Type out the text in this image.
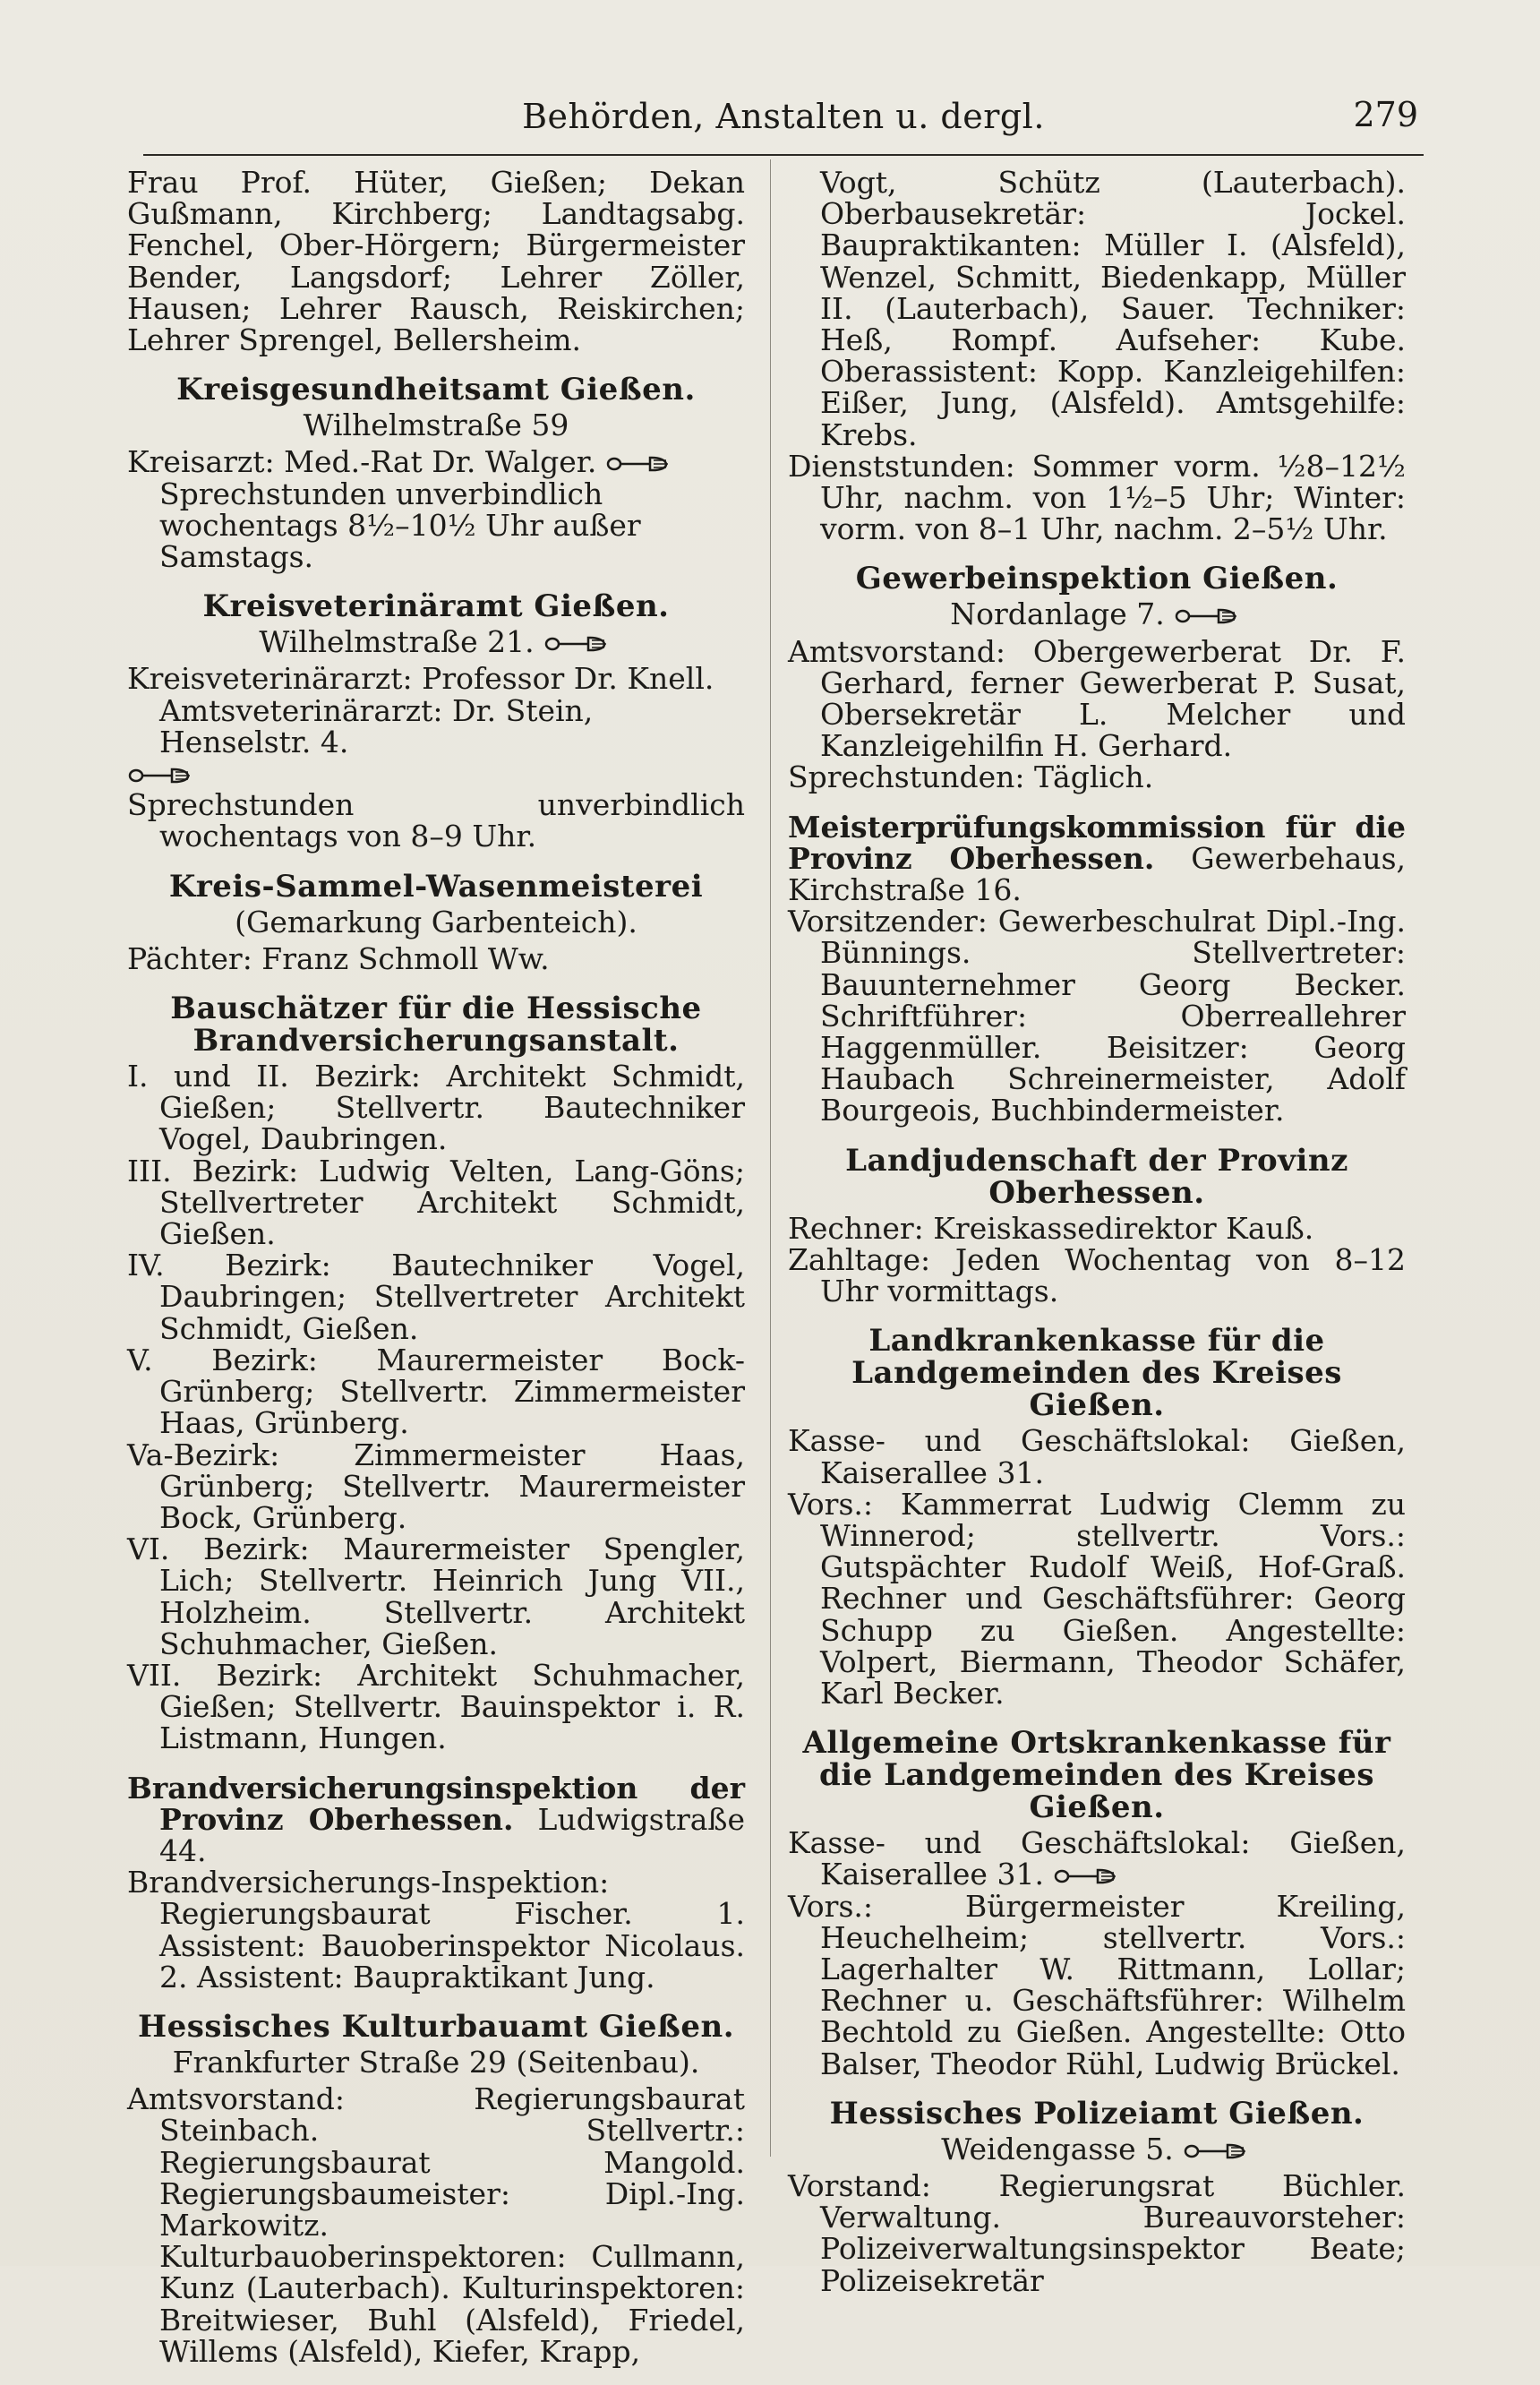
Behörden, Anstalten u. dergl.	279

Frau Prof. Hüter, Gießen; Dekan Gußmann, Kirchberg; Landtagsabg. Fenchel, Ober-Hörgern; Bürgermeister Bender, Langsdorf; Lehrer Zöller, Hausen; Lehrer Rausch, Reiskirchen; Lehrer Sprengel, Bellersheim.

Kreisgesundheitsamt Gießen.
Wilhelmstraße 59

Kreisarzt: Med.-Rat Dr. Walger.

Sprechstunden unverbindlich wochentags 8½–10½ Uhr außer Samstags.

Kreisveterinäramt Gießen.
Wilhelmstraße 21.

Kreisveterinärarzt: Professor Dr. Knell.

Amtsveterinärarzt: Dr. Stein, Henselstr. 4.

Sprechstunden unverbindlich wochentags von 8–9 Uhr.

Kreis-Sammel-Wasenmeisterei
(Gemarkung Garbenteich).

Pächter: Franz Schmoll Ww.

Bauschätzer für die Hessische Brandversicherungsanstalt.

I. und II. Bezirk: Architekt Schmidt, Gießen; Stellvertr. Bautechniker Vogel, Daubringen.

III. Bezirk: Ludwig Velten, Lang-Göns; Stellvertreter Architekt Schmidt, Gießen.

IV. Bezirk: Bautechniker Vogel, Daubringen; Stellvertreter Architekt Schmidt, Gießen.

V. Bezirk: Maurermeister Bock-Grünberg; Stellvertr. Zimmermeister Haas, Grünberg.

Va-Bezirk: Zimmermeister Haas, Grünberg; Stellvertr. Maurermeister Bock, Grünberg.

VI. Bezirk: Maurermeister Spengler, Lich; Stellvertr. Heinrich Jung VII., Holzheim. Stellvertr. Architekt Schuhmacher, Gießen.

VII. Bezirk: Architekt Schuhmacher, Gießen; Stellvertr. Bauinspektor i. R. Listmann, Hungen.

Brandversicherungsinspektion der Provinz Oberhessen. Ludwigstraße 44.

Brandversicherungs-Inspektion: Regierungsbaurat Fischer. 1. Assistent: Bauoberinspektor Nicolaus. 2. Assistent: Baupraktikant Jung.

Hessisches Kulturbauamt Gießen.
Frankfurter Straße 29 (Seitenbau).

Amtsvorstand: Regierungsbaurat Steinbach. Stellvertr.: Regierungsbaurat Mangold. Regierungsbaumeister: Dipl.-Ing. Markowitz. Kulturbauoberinspektoren: Cullmann, Kunz (Lauterbach). Kulturinspektoren: Breitwieser, Buhl (Alsfeld), Friedel, Willems (Alsfeld), Kiefer, Krapp,

Vogt, Schütz (Lauterbach). Oberbausekretär: Jockel. Baupraktikanten: Müller I. (Alsfeld), Wenzel, Schmitt, Biedenkapp, Müller II. (Lauterbach), Sauer. Techniker: Heß, Rompf. Aufseher: Kube. Oberassistent: Kopp. Kanzleigehilfen: Eißer, Jung, (Alsfeld). Amtsgehilfe: Krebs.

Dienststunden: Sommer vorm. ½8–12½ Uhr, nachm. von 1½–5 Uhr; Winter: vorm. von 8–1 Uhr, nachm. 2–5½ Uhr.

Gewerbeinspektion Gießen.
Nordanlage 7.

Amtsvorstand: Obergewerberat Dr. F. Gerhard, ferner Gewerberat P. Susat, Obersekretär L. Melcher und Kanzleigehilfin H. Gerhard.

Sprechstunden: Täglich.

Meisterprüfungskommission für die Provinz Oberhessen. Gewerbehaus, Kirchstraße 16.

Vorsitzender: Gewerbeschulrat Dipl.-Ing. Bünnings. Stellvertreter: Bauunternehmer Georg Becker. Schriftführer: Oberreallehrer Haggenmüller. Beisitzer: Georg Haubach Schreinermeister, Adolf Bourgeois, Buchbindermeister.

Landjudenschaft der Provinz Oberhessen.

Rechner: Kreiskassedirektor Kauß.

Zahltage: Jeden Wochentag von 8–12 Uhr vormittags.

Landkrankenkasse für die Landgemeinden des Kreises Gießen.

Kasse- und Geschäftslokal: Gießen, Kaiserallee 31.

Vors.: Kammerrat Ludwig Clemm zu Winnerod; stellvertr. Vors.: Gutspächter Rudolf Weiß, Hof-Graß. Rechner und Geschäftsführer: Georg Schupp zu Gießen. Angestellte: Volpert, Biermann, Theodor Schäfer, Karl Becker.

Allgemeine Ortskrankenkasse für die Landgemeinden des Kreises Gießen.

Kasse- und Geschäftslokal: Gießen, Kaiserallee 31.

Vors.: Bürgermeister Kreiling, Heuchelheim; stellvertr. Vors.: Lagerhalter W. Rittmann, Lollar; Rechner u. Geschäftsführer: Wilhelm Bechtold zu Gießen. Angestellte: Otto Balser, Theodor Rühl, Ludwig Brückel.

Hessisches Polizeiamt Gießen.
Weidengasse 5.

Vorstand: Regierungsrat Büchler. Verwaltung. Bureauvorsteher: Polizeiverwaltungsinspektor Beate; Polizeisekretär
